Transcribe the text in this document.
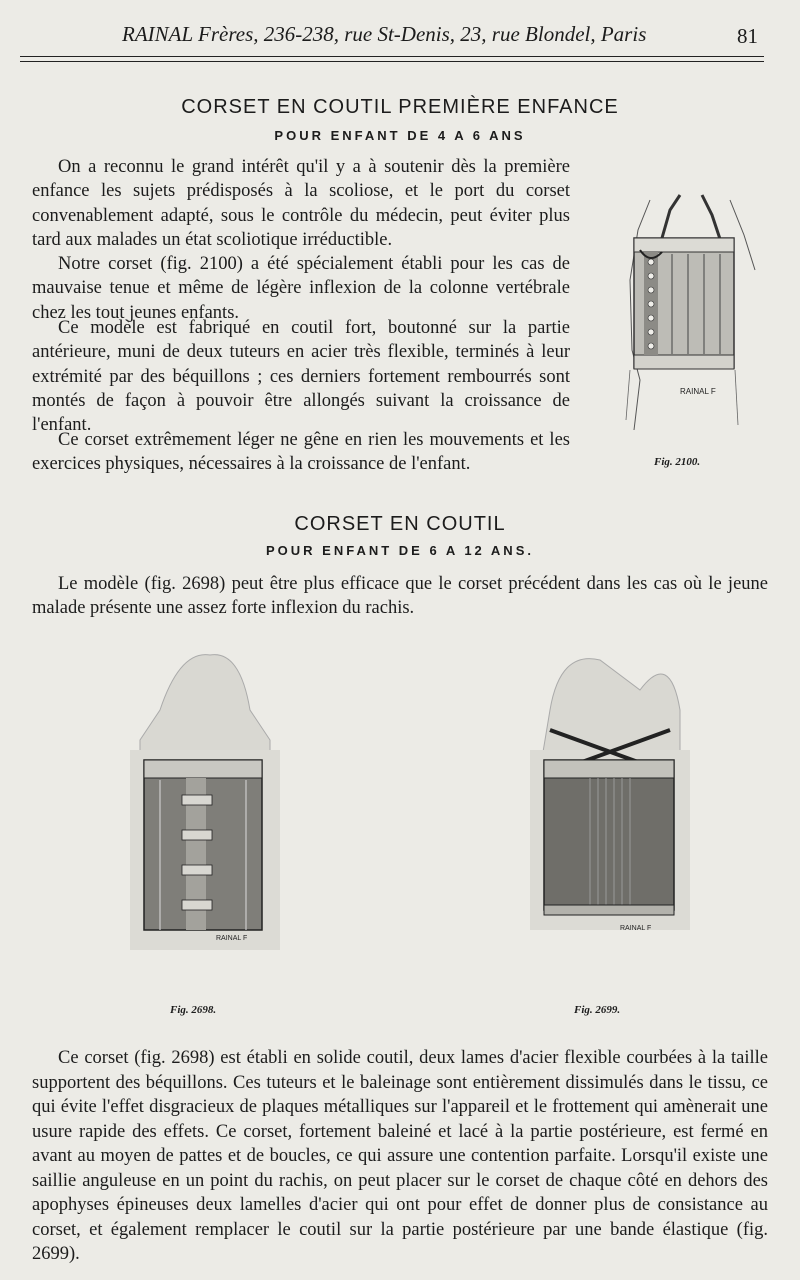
RAINAL Frères, 236-238, rue St-Denis, 23, rue Blondel, Paris	81
CORSET EN COUTIL PREMIÈRE ENFANCE
POUR ENFANT DE 4 A 6 ANS

On a reconnu le grand intérêt qu'il y a à soutenir dès la première enfance les sujets prédisposés à la scoliose, et le port du corset convenablement adapté, sous le contrôle du médecin, peut éviter plus tard aux malades un état scoliotique irréductible.

Notre corset (fig. 2100) a été spécialement établi pour les cas de mauvaise tenue et même de légère inflexion de la colonne vertébrale chez les tout jeunes enfants.

Ce modèle est fabriqué en coutil fort, boutonné sur la partie antérieure, muni de deux tuteurs en acier très flexible, terminés à leur extrémité par des béquillons ; ces derniers fortement rembourrés sont montés de façon à pouvoir être allongés suivant la croissance de l'enfant.

Ce corset extrêmement léger ne gêne en rien les mouvements et les exercices physiques, nécessaires à la croissance de l'enfant.

RAINAL F
Fig. 2100.
CORSET EN COUTIL
POUR ENFANT DE 6 A 12 ANS.

Le modèle (fig. 2698) peut être plus efficace que le corset précédent dans les cas où le jeune malade présente une assez forte inflexion du rachis.

RAINAL F
Fig. 2698.
RAINAL F
Fig. 2699.

Ce corset (fig. 2698) est établi en solide coutil, deux lames d'acier flexible courbées à la taille supportent des béquillons. Ces tuteurs et le baleinage sont entièrement dissimulés dans le tissu, ce qui évite l'effet disgracieux de plaques métalliques sur l'appareil et le frottement qui amènerait une usure rapide des effets. Ce corset, fortement baleiné et lacé à la partie postérieure, est fermé en avant au moyen de pattes et de boucles, ce qui assure une contention parfaite. Lorsqu'il existe une saillie anguleuse en un point du rachis, on peut placer sur le corset de chaque côté en dehors des apophyses épineuses deux lamelles d'acier qui ont pour effet de donner plus de consistance au corset, et également remplacer le coutil sur la partie postérieure par une bande élastique (fig. 2699).
